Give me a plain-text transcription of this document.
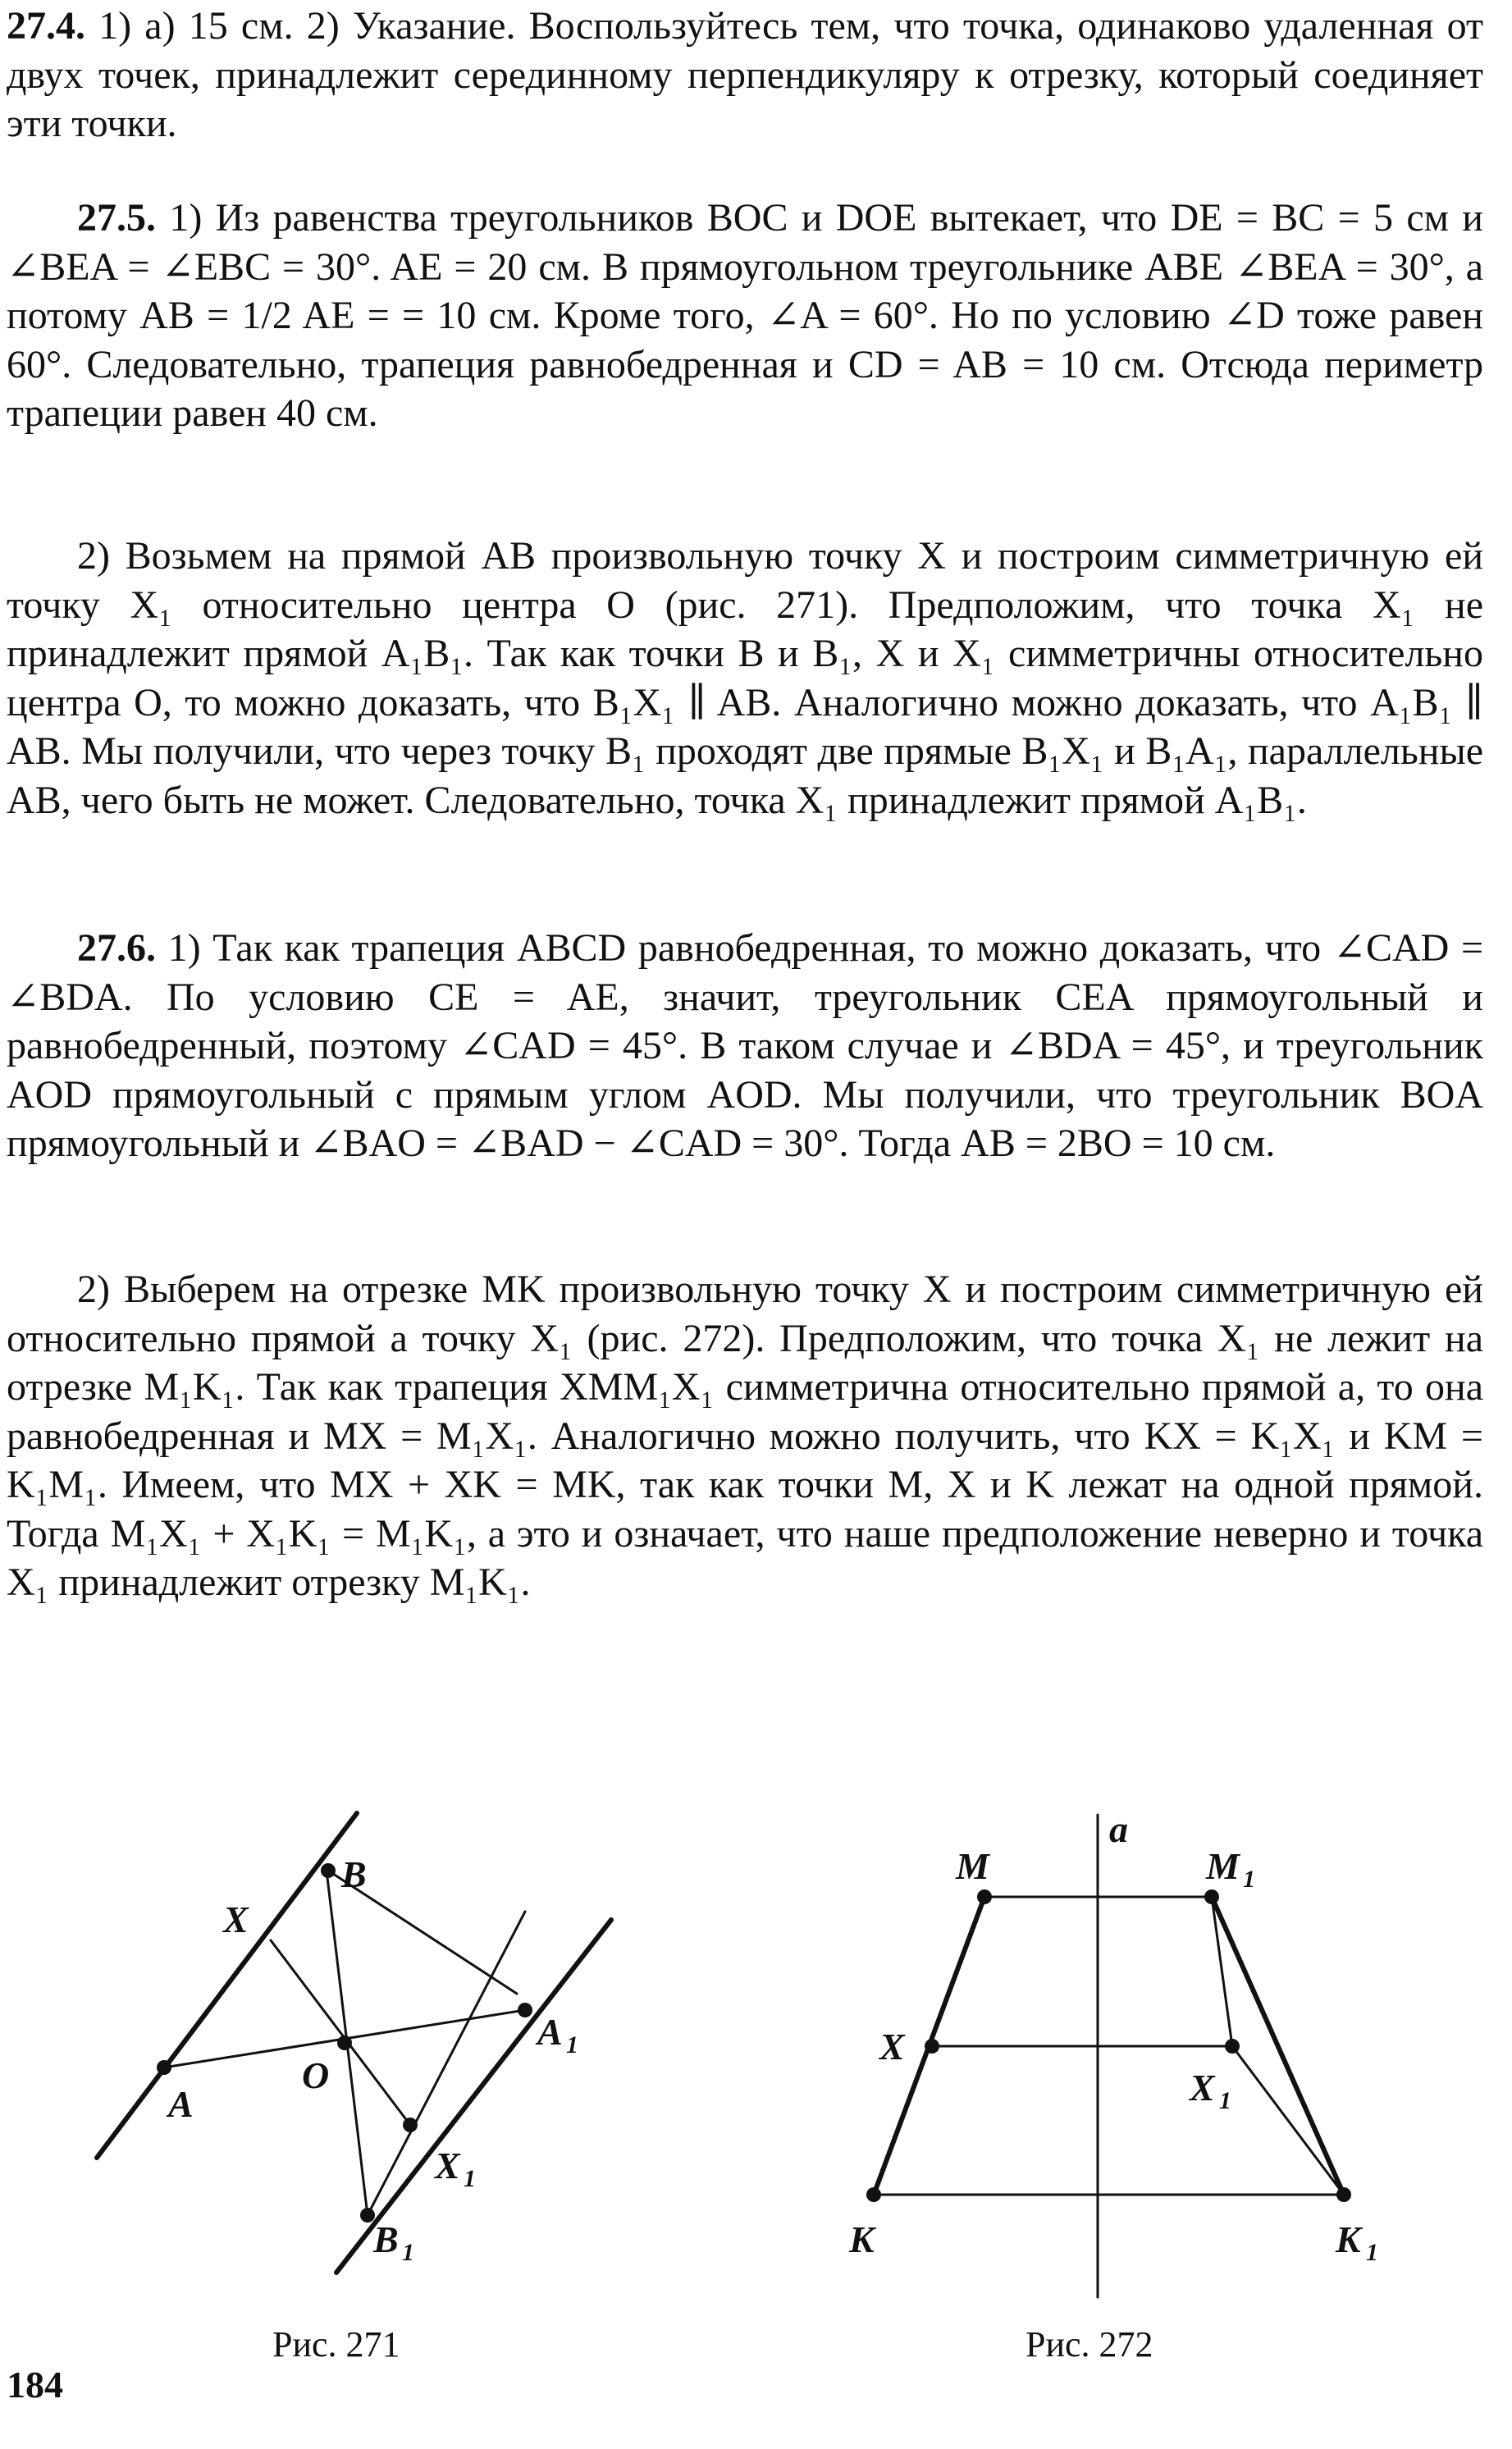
27.4. 1) а) 15 см. 2) Указание. Воспользуйтесь тем, что точка, одинаково удаленная от двух точек, принадлежит серединному перпендикуляру к отрезку, который соединяет эти точки.

27.5. 1) Из равенства треугольников BOC и DOE вытекает, что DE = BC = 5 см и ∠BEA = ∠EBC = 30°. AE = 20 см. В прямоугольном треугольнике ABE ∠BEA = 30°, а потому AB = 1/2 AE = = 10 см. Кроме того, ∠A = 60°. Но по условию ∠D тоже равен 60°. Следовательно, трапеция равнобедренная и CD = AB = 10 см. Отсюда периметр трапеции равен 40 см.

2) Возьмем на прямой AB произвольную точку X и построим симметричную ей точку X₁ относительно центра O (рис. 271). Предположим, что точка X₁ не принадлежит прямой A₁B₁. Так как точки B и B₁, X и X₁ симметричны относительно центра O, то можно доказать, что B₁X₁ ∥ AB. Аналогично можно доказать, что A₁B₁ ∥ AB. Мы получили, что через точку B₁ проходят две прямые B₁X₁ и B₁A₁, параллельные AB, чего быть не может. Следовательно, точка X₁ принадлежит прямой A₁B₁.

27.6. 1) Так как трапеция ABCD равнобедренная, то можно доказать, что ∠CAD = ∠BDA. По условию CE = AE, значит, треугольник CEA прямоугольный и равнобедренный, поэтому ∠CAD = 45°. В таком случае и ∠BDA = 45°, и треугольник AOD прямоугольный с прямым углом AOD. Мы получили, что треугольник BOA прямоугольный и ∠BAO = ∠BAD − ∠CAD = 30°. Тогда AB = 2BO = 10 см.

2) Выберем на отрезке MK произвольную точку X и построим симметричную ей относительно прямой a точку X₁ (рис. 272). Предположим, что точка X₁ не лежит на отрезке M₁K₁. Так как трапеция XMM₁X₁ симметрична относительно прямой a, то она равнобедренная и MX = M₁X₁. Аналогично можно получить, что KX = K₁X₁ и KM = K₁M₁. Имеем, что MX + XK = MK, так как точки M, X и K лежат на одной прямой. Тогда M₁X₁ + X₁K₁ = M₁K₁, а это и означает, что наше предположение неверно и точка X₁ принадлежит отрезку M₁K₁.

B
X
A
O
A 1
X 1
B 1
Рис. 271
a
M	M 1
X
X 1
K	K 1
Рис. 272
184
